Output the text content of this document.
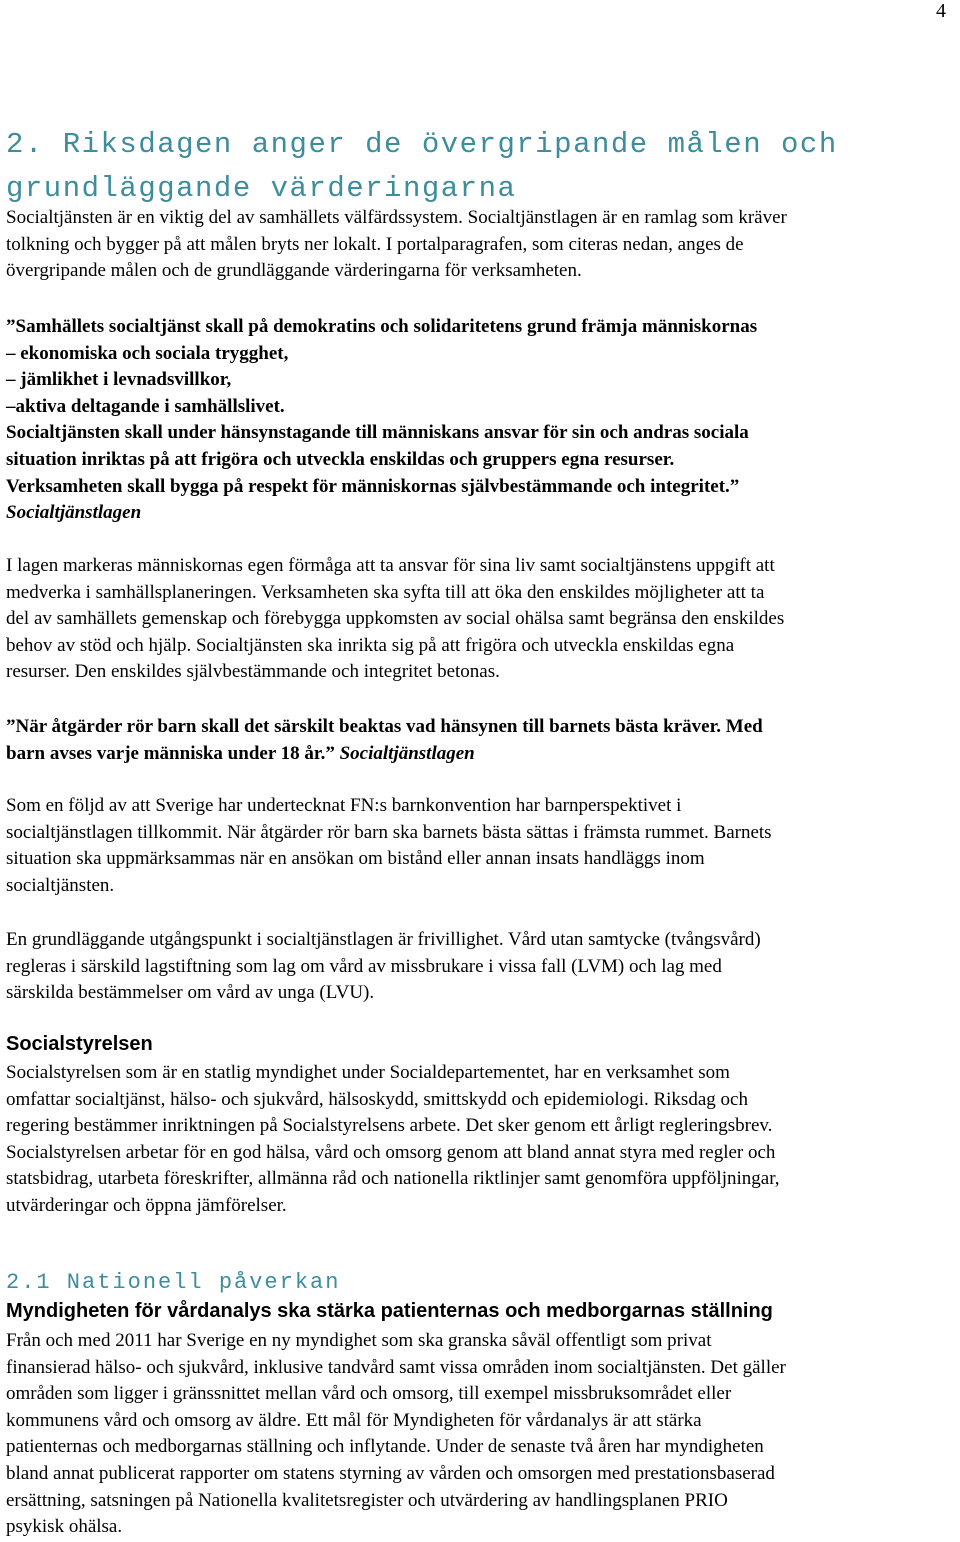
4
2. Riksdagen anger de övergripande målen och
grundläggande värderingarna

Socialtjänsten är en viktig del av samhällets välfärdssystem. Socialtjänstlagen är en ramlag som kräver

tolkning och bygger på att målen bryts ner lokalt. I portalparagrafen, som citeras nedan, anges de

övergripande målen och de grundläggande värderingarna för verksamheten.

”Samhällets socialtjänst skall på demokratins och solidaritetens grund främja människornas

– ekonomiska och sociala trygghet,

– jämlikhet i levnadsvillkor,

–aktiva deltagande i samhällslivet.

Socialtjänsten skall under hänsynstagande till människans ansvar för sin och andras sociala

situation inriktas på att frigöra och utveckla enskildas och gruppers egna resurser.

Verksamheten skall bygga på respekt för människornas självbestämmande och integritet.”

Socialtjänstlagen

I lagen markeras människornas egen förmåga att ta ansvar för sina liv samt socialtjänstens uppgift att

medverka i samhällsplaneringen. Verksamheten ska syfta till att öka den enskildes möjligheter att ta

del av samhällets gemenskap och förebygga uppkomsten av social ohälsa samt begränsa den enskildes

behov av stöd och hjälp. Socialtjänsten ska inrikta sig på att frigöra och utveckla enskildas egna

resurser. Den enskildes självbestämmande och integritet betonas.

”När åtgärder rör barn skall det särskilt beaktas vad hänsynen till barnets bästa kräver. Med

barn avses varje människa under 18 år.” Socialtjänstlagen

Som en följd av att Sverige har undertecknat FN:s barnkonvention har barnperspektivet i

socialtjänstlagen tillkommit. När åtgärder rör barn ska barnets bästa sättas i främsta rummet. Barnets

situation ska uppmärksammas när en ansökan om bistånd eller annan insats handläggs inom

socialtjänsten.

En grundläggande utgångspunkt i socialtjänstlagen är frivillighet. Vård utan samtycke (tvångsvård)

regleras i särskild lagstiftning som lag om vård av missbrukare i vissa fall (LVM) och lag med

särskilda bestämmelser om vård av unga (LVU).

Socialstyrelsen

Socialstyrelsen som är en statlig myndighet under Socialdepartementet, har en verksamhet som

omfattar socialtjänst, hälso- och sjukvård, hälsoskydd, smittskydd och epidemiologi. Riksdag och

regering bestämmer inriktningen på Socialstyrelsens arbete. Det sker genom ett årligt regleringsbrev.

Socialstyrelsen arbetar för en god hälsa, vård och omsorg genom att bland annat styra med regler och

statsbidrag, utarbeta föreskrifter, allmänna råd och nationella riktlinjer samt genomföra uppföljningar,

utvärderingar och öppna jämförelser.

2.1 Nationell påverkan
Myndigheten för vårdanalys ska stärka patienternas och medborgarnas ställning

Från och med 2011 har Sverige en ny myndighet som ska granska såväl offentligt som privat

finansierad hälso- och sjukvård, inklusive tandvård samt vissa områden inom socialtjänsten. Det gäller

områden som ligger i gränssnittet mellan vård och omsorg, till exempel missbruksområdet eller

kommunens vård och omsorg av äldre. Ett mål för Myndigheten för vårdanalys är att stärka

patienternas och medborgarnas ställning och inflytande. Under de senaste två åren har myndigheten

bland annat publicerat rapporter om statens styrning av vården och omsorgen med prestationsbaserad

ersättning, satsningen på Nationella kvalitetsregister och utvärdering av handlingsplanen PRIO

psykisk ohälsa.
